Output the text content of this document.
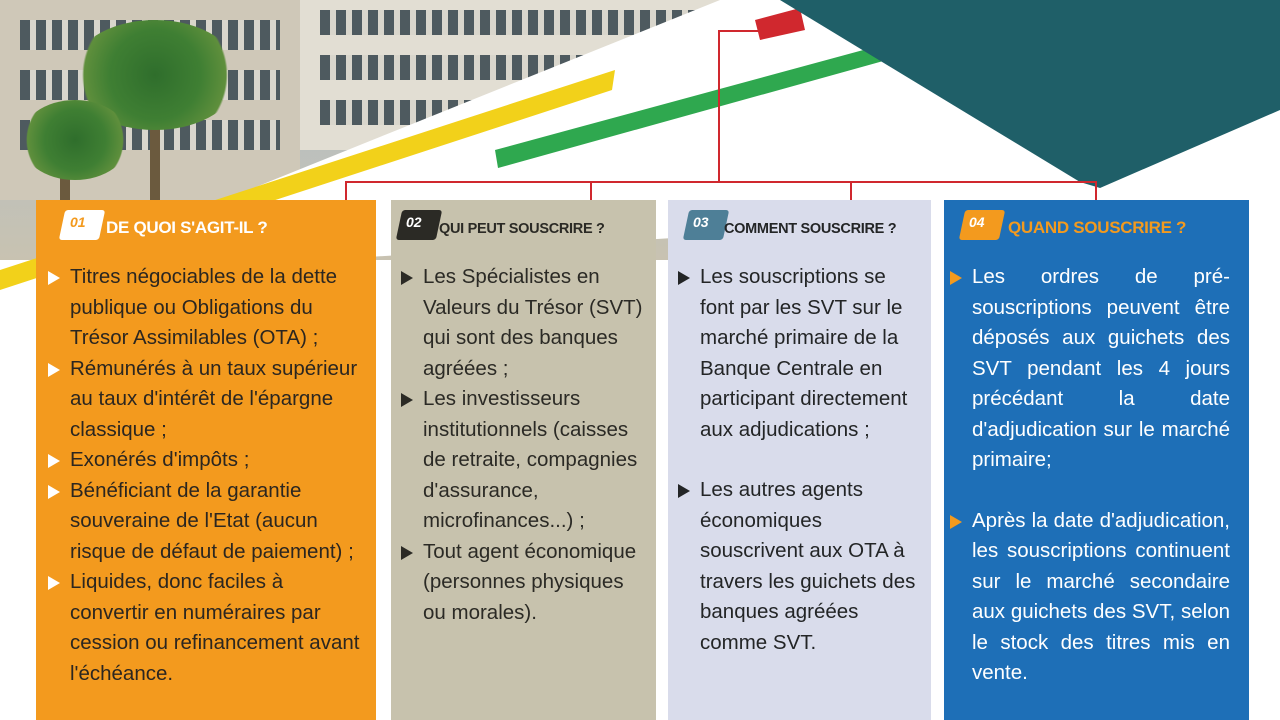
01 DE QUOI S'AGIT-IL ?
Titres négociables de la dette publique ou Obligations du Trésor Assimilables (OTA) ;
Rémunérés à un taux supérieur au taux d'intérêt de l'épargne classique ;
Exonérés d'impôts ;
Bénéficiant de la garantie souveraine de l'Etat (aucun risque de défaut de paiement) ;
Liquides, donc faciles à convertir en numéraires par cession ou refinancement avant l'échéance.
02 QUI PEUT SOUSCRIRE ?
Les Spécialistes en Valeurs du Trésor (SVT) qui sont des banques agréées ;
Les investisseurs institutionnels (caisses de retraite, compagnies d'assurance, microfinances...) ;
Tout agent économique (personnes physiques ou morales).
03 COMMENT SOUSCRIRE ?
Les souscriptions se font par les SVT sur le marché primaire de la Banque Centrale en participant directement aux adjudications ;
Les autres agents économiques souscrivent aux OTA à travers les guichets des banques agréées comme SVT.
04 QUAND SOUSCRIRE ?
Les ordres de pré-souscriptions peuvent être déposés aux guichets des SVT pendant les 4 jours précédant la date d'adjudication sur le marché primaire;
Après la date d'adjudication, les souscriptions continuent sur le marché secondaire aux guichets des SVT, selon le stock des titres mis en vente.
